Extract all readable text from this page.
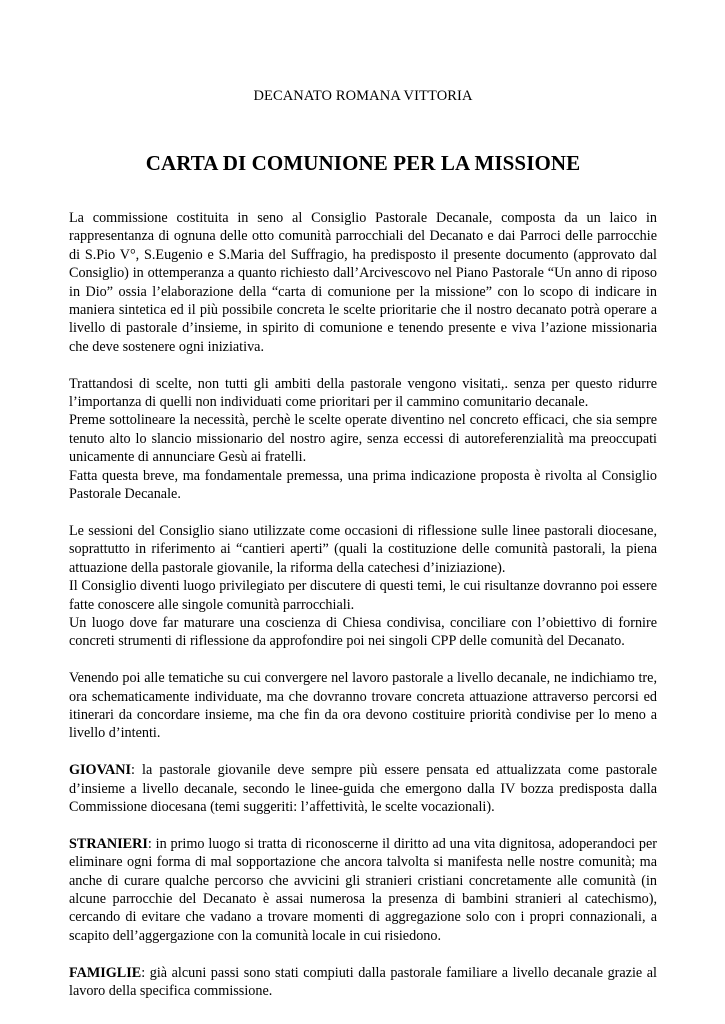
DECANATO ROMANA VITTORIA
CARTA DI COMUNIONE PER LA MISSIONE

La commissione costituita in seno al Consiglio Pastorale Decanale, composta da un laico in rappresentanza di ognuna delle otto comunità parrocchiali del Decanato e dai Parroci delle parrocchie di S.Pio V°, S.Eugenio e S.Maria del Suffragio, ha predisposto il presente documento (approvato dal Consiglio) in ottemperanza a quanto richiesto dall’Arcivescovo nel Piano Pastorale “Un anno di riposo in Dio” ossia l’elaborazione della “carta di comunione per la missione” con lo scopo di indicare in maniera sintetica ed il più possibile concreta le scelte prioritarie che il nostro decanato potrà operare a livello di pastorale d’insieme, in spirito di comunione e tenendo presente e viva l’azione missionaria che deve sostenere ogni iniziativa.

Trattandosi di scelte, non tutti gli ambiti della pastorale vengono visitati,. senza per questo ridurre l’importanza di quelli non individuati come prioritari per il cammino comunitario decanale.

Preme sottolineare la necessità, perchè le scelte operate diventino nel concreto efficaci, che sia sempre tenuto alto lo slancio missionario del nostro agire, senza eccessi di autoreferenzialità ma preoccupati unicamente di annunciare Gesù ai fratelli.

Fatta questa breve, ma fondamentale premessa, una prima indicazione proposta è rivolta al Consiglio Pastorale Decanale.

Le sessioni del Consiglio siano utilizzate come occasioni di riflessione sulle linee pastorali diocesane, soprattutto in riferimento ai “cantieri aperti” (quali la costituzione delle comunità pastorali, la piena attuazione della pastorale giovanile, la riforma della catechesi d’iniziazione).

Il Consiglio diventi luogo privilegiato per discutere di questi temi, le cui risultanze dovranno poi essere fatte conoscere alle singole comunità parrocchiali.

Un luogo dove far maturare una coscienza di Chiesa condivisa, conciliare con l’obiettivo di fornire concreti strumenti di riflessione da approfondire poi nei singoli CPP delle comunità del Decanato.

Venendo poi alle tematiche su cui convergere nel lavoro pastorale a livello decanale, ne indichiamo tre, ora schematicamente individuate, ma che dovranno trovare concreta attuazione attraverso percorsi ed itinerari da concordare insieme, ma che fin da ora devono costituire priorità condivise per lo meno a livello d’intenti.

GIOVANI: la pastorale giovanile deve sempre più essere pensata ed attualizzata come pastorale d’insieme a livello decanale, secondo le linee-guida che emergono dalla IV bozza predisposta dalla Commissione diocesana (temi suggeriti: l’affettività, le scelte vocazionali).

STRANIERI: in primo luogo si tratta di riconoscerne il diritto ad una vita dignitosa, adoperandoci per eliminare ogni forma di mal sopportazione che ancora talvolta si manifesta nelle nostre comunità; ma anche di curare qualche percorso che avvicini gli stranieri cristiani concretamente alle comunità (in alcune parrocchie del Decanato è assai numerosa la presenza di bambini stranieri al catechismo), cercando di evitare che vadano a trovare momenti di aggregazione solo con i propri connazionali, a scapito dell’aggergazione con la comunità locale in cui risiedono.

FAMIGLIE: già alcuni passi sono stati compiuti dalla pastorale familiare a livello decanale grazie al lavoro della specifica commissione.
